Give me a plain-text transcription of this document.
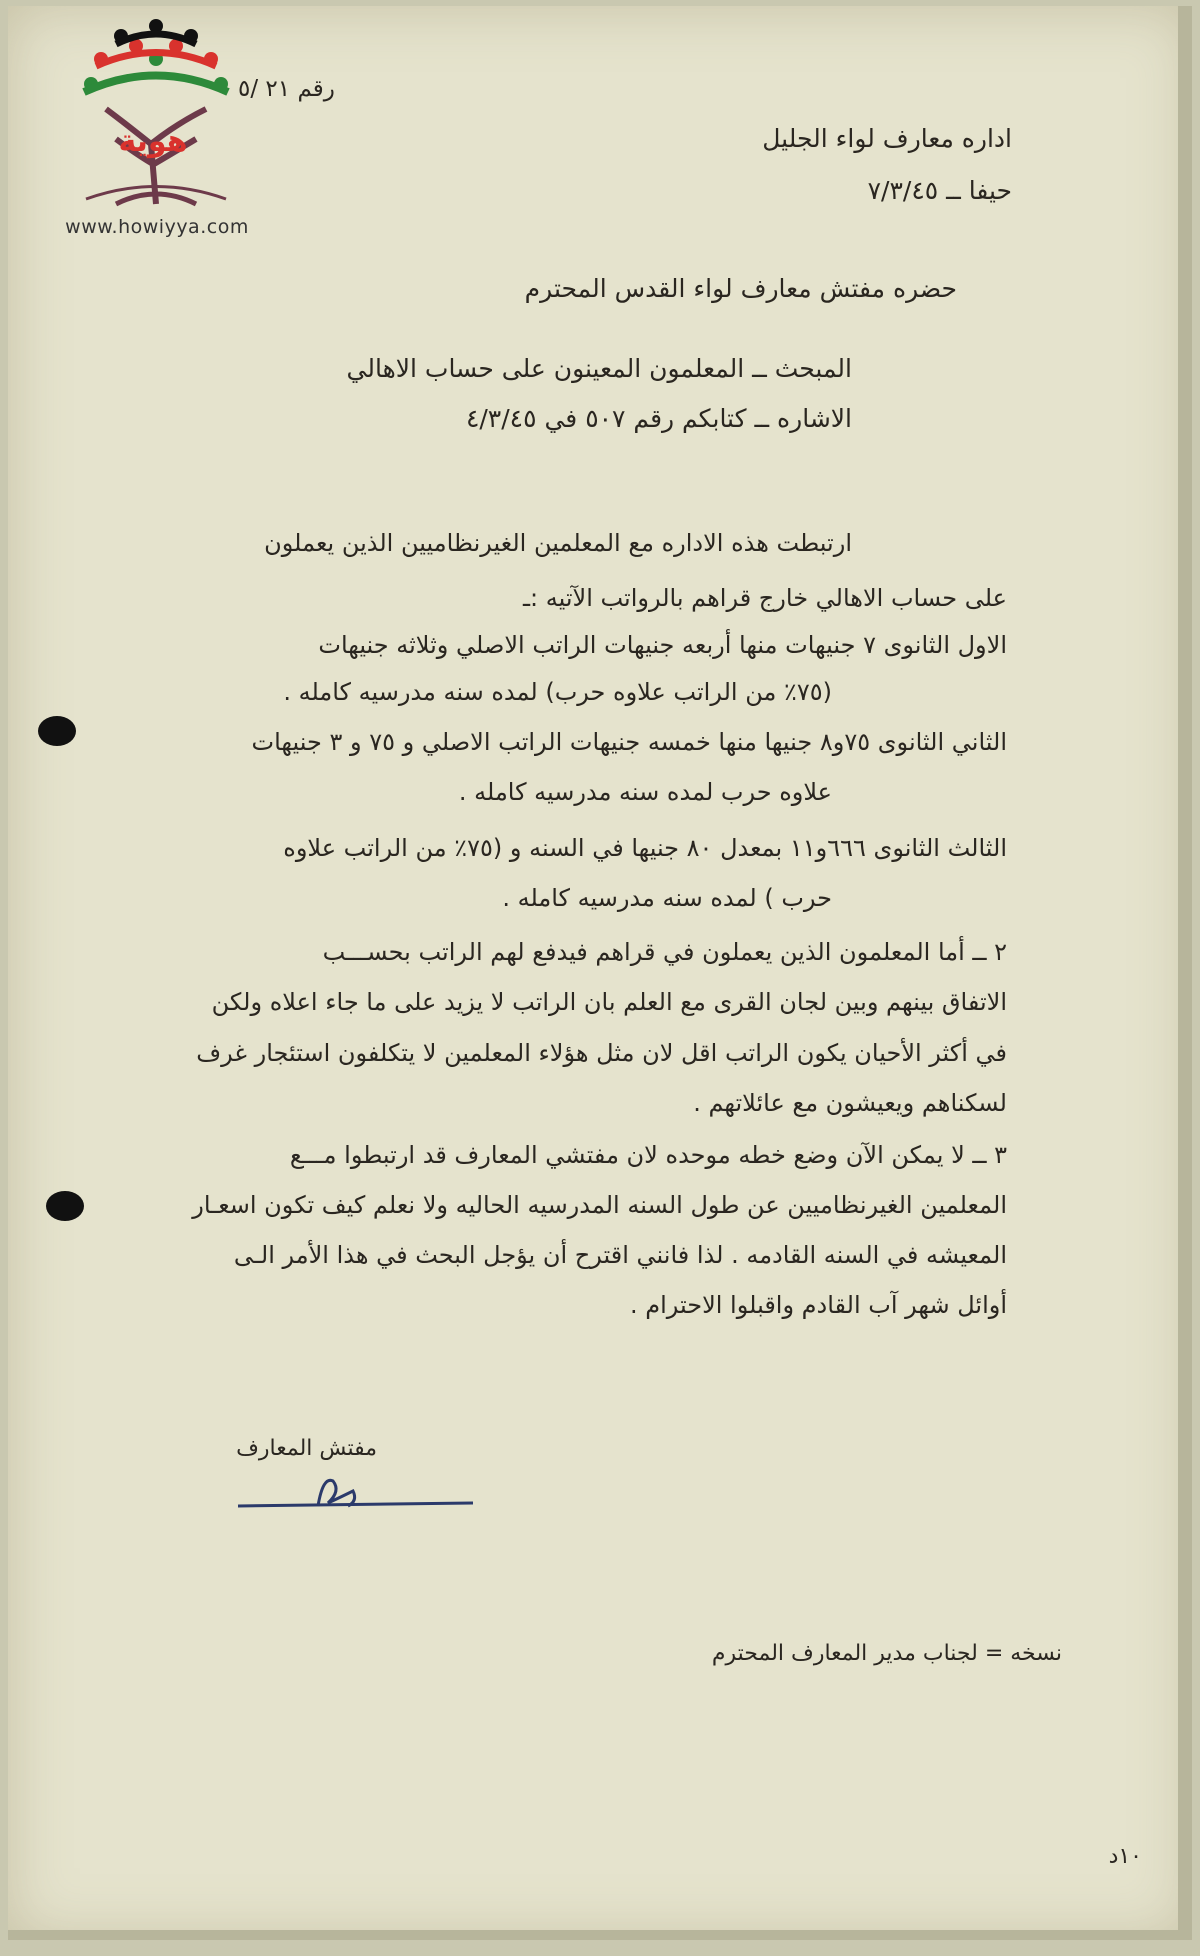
هوية
www.howiyya.com
رقم ٢١ /٥
اداره معارف لواء الجليل
حيفا ــ ٧/٣/٤٥
حضره مفتش معارف لواء القدس المحترم
المبحث ــ المعلمون المعينون على حساب الاهالي
الاشاره ــ كتابكم رقم ٥٠٧ في ٤/٣/٤٥
ارتبطت هذه الاداره مع المعلمين الغيرنظاميين الذين يعملون
على حساب الاهالي خارج قراهم بالرواتب الآتيه :ـ
الاول الثانوى ٧ جنيهات منها أربعه جنيهات الراتب الاصلي وثلاثه جنيهات
(٧٥٪ من الراتب علاوه حرب) لمده سنه مدرسيه كامله .
الثاني الثانوى ٧٥و٨ جنيها منها خمسه جنيهات الراتب الاصلي و ٧٥ و ٣ جنيهات
علاوه حرب لمده سنه مدرسيه كامله .
الثالث الثانوى ٦٦٦و١١ بمعدل ٨٠ جنيها في السنه و (٧٥٪ من الراتب علاوه
حرب ) لمده سنه مدرسيه كامله .
٢ ــ أما المعلمون الذين يعملون في قراهم فيدفع لهم الراتب بحســـب
الاتفاق بينهم وبين لجان القرى مع العلم بان الراتب لا يزيد على ما جاء اعلاه ولكن
في أكثر الأحيان يكون الراتب اقل لان مثل هؤلاء المعلمين لا يتكلفون استئجار غرف
لسكناهم ويعيشون مع عائلاتهم .
٣ ــ لا يمكن الآن وضع خطه موحده لان مفتشي المعارف قد ارتبطوا مـــع
المعلمين الغيرنظاميين عن طول السنه المدرسيه الحاليه ولا نعلم كيف تكون اسعـار
المعيشه في السنه القادمه . لذا فانني اقترح أن يؤجل البحث في هذا الأمر الـى
أوائل شهر آب القادم واقبلوا الاحترام .
مفتش المعارف
نسخه = لجناب مدير المعارف المحترم
١٠د
